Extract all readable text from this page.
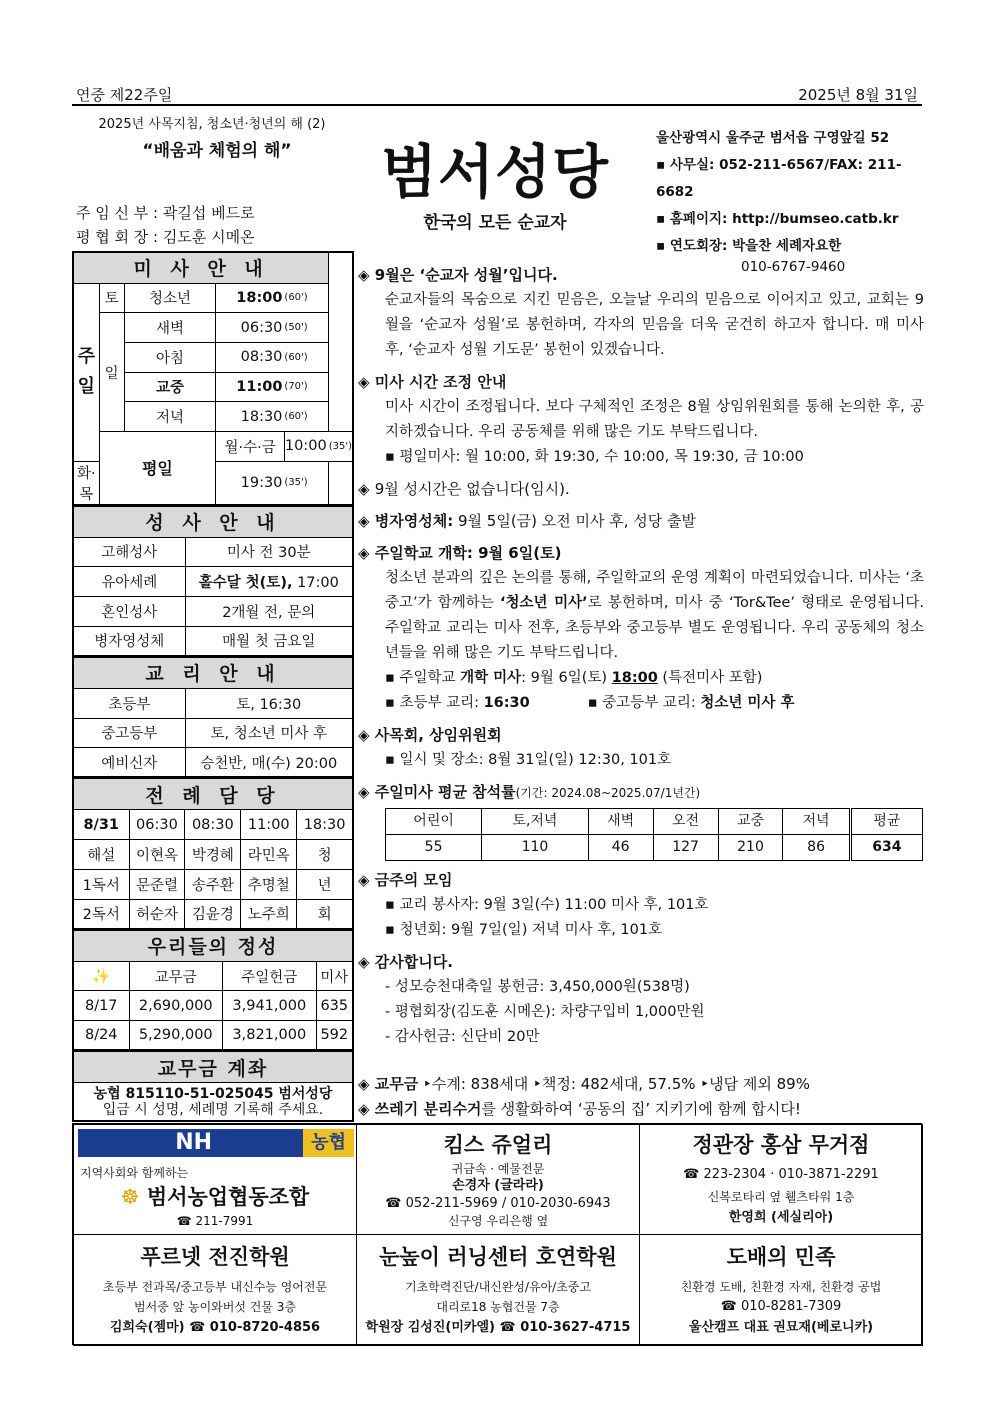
연중 제22주일	2025년 8월 31일
2025년 사목지침, 청소년·청년의 해 (2)
“배움과 체험의 해”
주 임 신 부 : 곽길섭 베드로
평 협 회 장 : 김도훈 시메온
범서성당
한국의 모든 순교자
울산광역시 울주군 범서읍 구영앞길 52
▪ 사무실: 052-211-6567/FAX: 211-6682
▪ 홈페이지: http://bumseo.catb.kr
▪ 연도회장: 박을찬 세례자요한
010-6767-9460
미 사 안 내					
주일	토	청소년	18:00	(60')	
	일	새벽	06:30	(50')	
		아침	08:30	(60')	
		교중	11:00	(70')	
		저녁	18:30	(60')	
	평일		월·수·금	10:00	(35')
화·목			19:30	(35')	
성 사 안 내	
고해성사	미사 전 30분
유아세례	홀수달 첫(토), 17:00
혼인성사	2개월 전, 문의
병자영성체	매월 첫 금요일
교 리 안 내	
초등부	토, 16:30
중고등부	토, 청소년 미사 후
예비신자	승천반, 매(수) 20:00
전 례 담 당				
8/31	06:30	08:30	11:00	18:30
해설	이현옥	박경혜	라민옥	청
1독서	문준렬	송주환	추명철	년
2독서	허순자	김윤경	노주희	회
우리들의 정성			
✨	교무금	주일헌금	미사
8/17	2,690,000	3,941,000	635
8/24	5,290,000	3,821,000	592
교무금 계좌
농협 815110-51-025045 범서성당
입금 시 성명, 세례명 기록해 주세요.
◈ 9월은 ‘순교자 성월’입니다.
순교자들의 목숨으로 지킨 믿음은, 오늘날 우리의 믿음으로 이어지고 있고, 교회는 9월을 ‘순교자 성월’로 봉헌하며, 각자의 믿음을 더욱 굳건히 하고자 합니다. 매 미사 후, ‘순교자 성월 기도문’ 봉헌이 있겠습니다.
◈ 미사 시간 조정 안내
미사 시간이 조정됩니다. 보다 구체적인 조정은 8월 상임위원회를 통해 논의한 후, 공지하겠습니다. 우리 공동체를 위해 많은 기도 부탁드립니다.
▪ 평일미사: 월 10:00, 화 19:30, 수 10:00, 목 19:30, 금 10:00
◈ 9월 성시간은 없습니다(임시).
◈ 병자영성체: 9월 5일(금) 오전 미사 후, 성당 출발
◈ 주일학교 개학: 9월 6일(토)
청소년 분과의 깊은 논의를 통해, 주일학교의 운영 계획이 마련되었습니다. 미사는 ‘초중고’가 함께하는 ‘청소년 미사’로 봉헌하며, 미사 중 ‘Tor&Tee’ 형태로 운영됩니다. 주일학교 교리는 미사 전후, 초등부와 중고등부 별도 운영됩니다. 우리 공동체의 청소년들을 위해 많은 기도 부탁드립니다.
▪ 주일학교 개학 미사: 9월 6일(토) 18:00 (특전미사 포함)
▪ 초등부 교리: 16:30	▪ 중고등부 교리: 청소년 미사 후
◈ 사목회, 상임위원회
▪ 일시 및 장소: 8월 31일(일) 12:30, 101호
◈ 주일미사 평균 참석률(기간: 2024.08~2025.07/1년간)
어린이	토,저녁	새벽	오전	교중	저녁	평균
55	110	46	127	210	86	634
◈ 금주의 모임
▪ 교리 봉사자: 9월 3일(수) 11:00 미사 후, 101호
▪ 청년회: 9월 7일(일) 저녁 미사 후, 101호
◈ 감사합니다.
- 성모승천대축일 봉헌금: 3,450,000원(538명)
- 평협회장(김도훈 시메온): 차량구입비 1,000만원
- 감사헌금: 신단비 20만
◈ 교무금 ‣수계: 838세대 ‣책정: 482세대, 57.5% ‣냉담 제외 89%
◈ 쓰레기 분리수거를 생활화하여 ‘공동의 집’ 지키기에 함께 합시다!
NH	농협
지역사회와 함께하는
☸ 범서농업협동조합
☎ 211-7991
킴스 쥬얼리
귀금속 · 예물전문
손경자 (글라라)
☎ 052-211-5969 / 010-2030-6943
신구영 우리은행 옆
정관장 홍삼 무거점
☎ 223-2304 · 010-3871-2291
신복로타리 옆 휄츠타워 1층
한영희 (세실리아)
푸르넷 전진학원
초등부 전과목/중고등부 내신수능 영어전문
범서중 앞 농이와버섯 건물 3층
김희숙(젬마) ☎ 010-8720-4856
눈높이 러닝센터 호연학원
기초학력진단/내신완성/유아/초중고
대리로18 농협건물 7층
학원장 김성진(미카엘) ☎ 010-3627-4715
도배의 민족
친환경 도배, 친환경 자재, 친환경 공법
☎ 010-8281-7309
울산캠프 대표 권묘재(베로니카)
